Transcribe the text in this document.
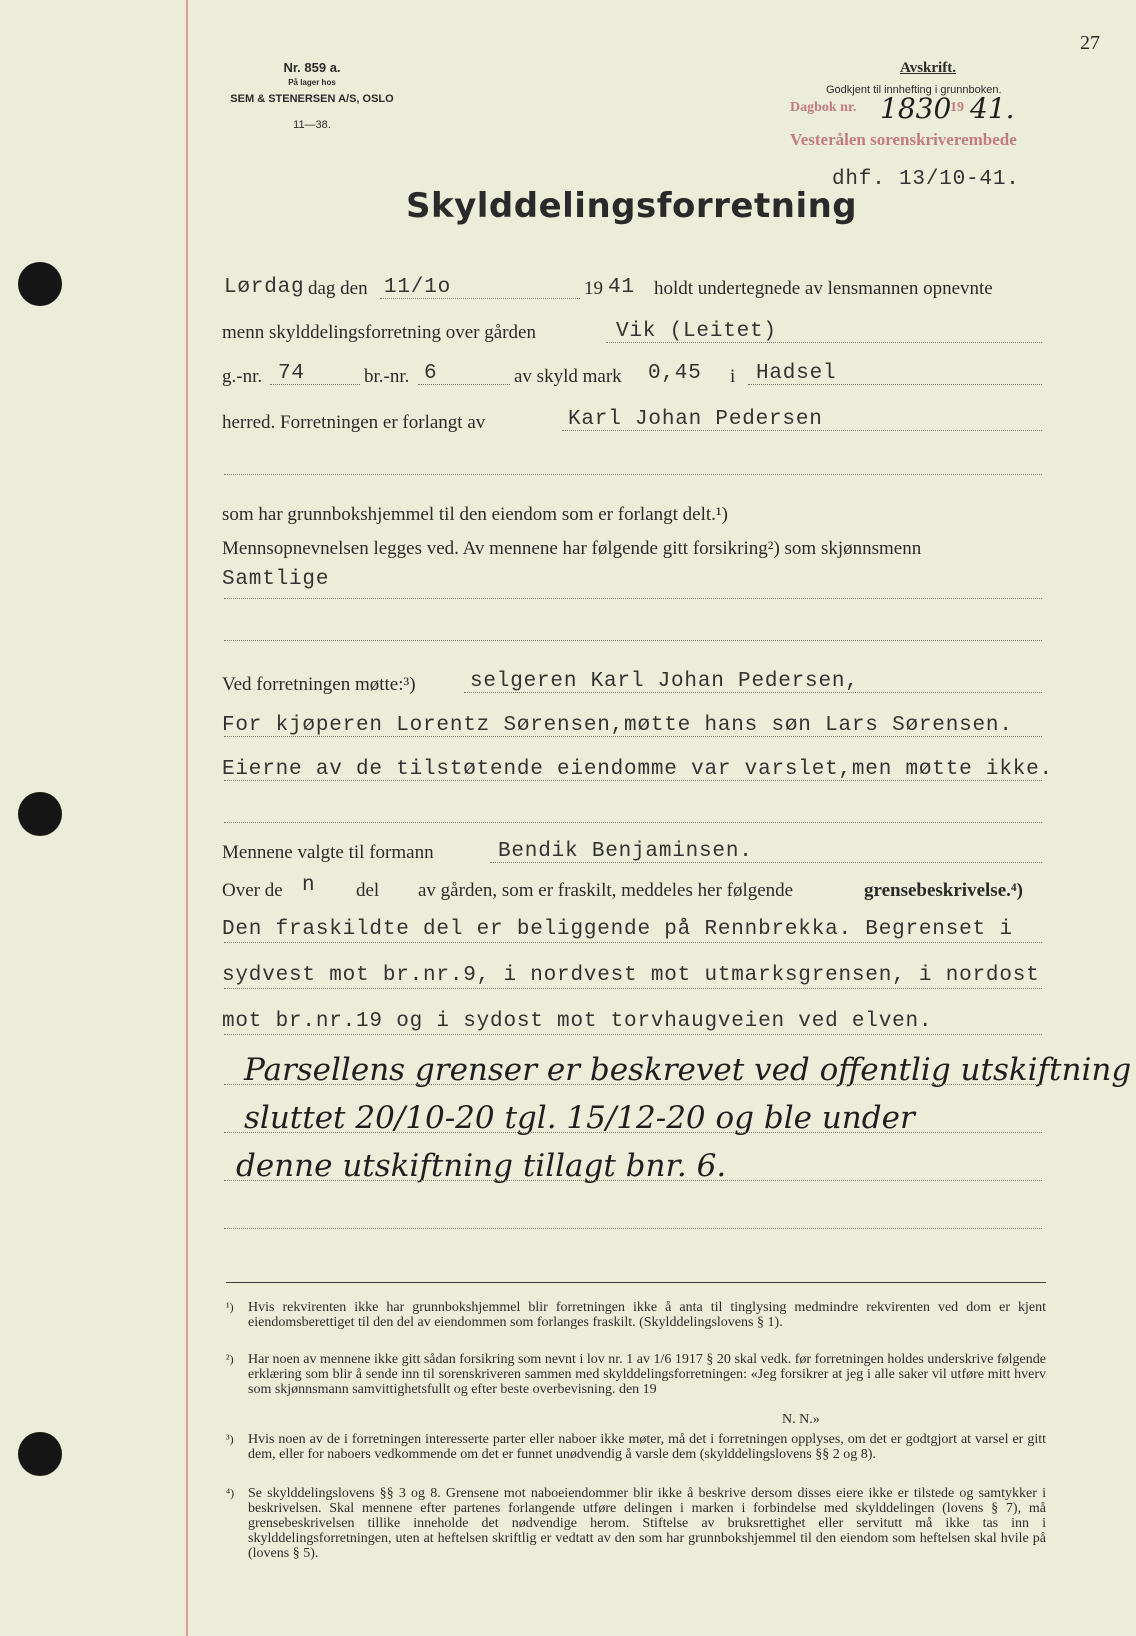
27
Nr. 859 a.
På lager hos
SEM & STENERSEN A/S, OSLO
11—38.
Avskrift.
Godkjent til innhefting i grunnboken.
Dagbok nr. 1830
19 41.
Vesterålen sorenskriverembede
dhf. 13/10-41.
Skylddelingsforretning
Lørdag dag den 11/1o	19 41 holdt undertegnede av lensmannen opnevnte
menn skylddelingsforretning over gården	Vik (Leitet)
g.-nr. 74	br.-nr. 6	av skyld mark 0,45 i Hadsel
herred. Forretningen er forlangt av	Karl Johan Pedersen
som har grunnbokshjemmel til den eiendom som er forlangt delt.¹)
Mennsopnevnelsen legges ved. Av mennene har følgende gitt forsikring²) som skjønnsmenn
Samtlige
Ved forretningen møtte:³)	selgeren Karl Johan Pedersen,
For kjøperen Lorentz Sørensen,møtte hans søn Lars Sørensen.
Eierne av de tilstøtende eiendomme var varslet,men møtte ikke.
Mennene valgte til formann	Bendik Benjaminsen.
Over de n del av gården, som er fraskilt, meddeles her følgende	grensebeskrivelse.⁴)
Den fraskildte del er beliggende på Rennbrekka. Begrenset i
sydvest mot br.nr.9, i nordvest mot utmarksgrensen, i nordost
mot br.nr.19 og i sydost mot torvhaugveien ved elven.
Parsellens grenser er beskrevet ved offentlig utskiftning
sluttet 20/10-20 tgl. 15/12-20 og ble under
denne utskiftning tillagt bnr. 6.
¹) Hvis rekvirenten ikke har grunnbokshjemmel blir forretningen ikke å anta til tinglysing medmindre rekvirenten ved dom er kjent eiendomsberettiget til den del av eiendommen som forlanges fraskilt. (Skylddelingslovens § 1).
²) Har noen av mennene ikke gitt sådan forsikring som nevnt i lov nr. 1 av 1/6 1917 § 20 skal vedk. før forretningen holdes underskrive følgende erklæring som blir å sende inn til sorenskriveren sammen med skylddelingsforretningen: «Jeg forsikrer at jeg i alle saker vil utføre mitt hverv som skjønnsmann samvittighetsfullt og efter beste overbevisning. den 19
N. N.»
³) Hvis noen av de i forretningen interesserte parter eller naboer ikke møter, må det i forretningen opplyses, om det er godtgjort at varsel er gitt dem, eller for naboers vedkommende om det er funnet unødvendig å varsle dem (skylddelingslovens §§ 2 og 8).
⁴) Se skylddelingslovens §§ 3 og 8. Grensene mot naboeiendommer blir ikke å beskrive dersom disses eiere ikke er tilstede og samtykker i beskrivelsen. Skal mennene efter partenes forlangende utføre delingen i marken i forbindelse med skylddelingen (lovens § 7), må grensebeskrivelsen tillike inneholde det nødvendige herom. Stiftelse av bruksrettighet eller servitutt må ikke tas inn i skylddelingsforretningen, uten at heftelsen skriftlig er vedtatt av den som har grunnbokshjemmel til den eiendom som heftelsen skal hvile på (lovens § 5).
